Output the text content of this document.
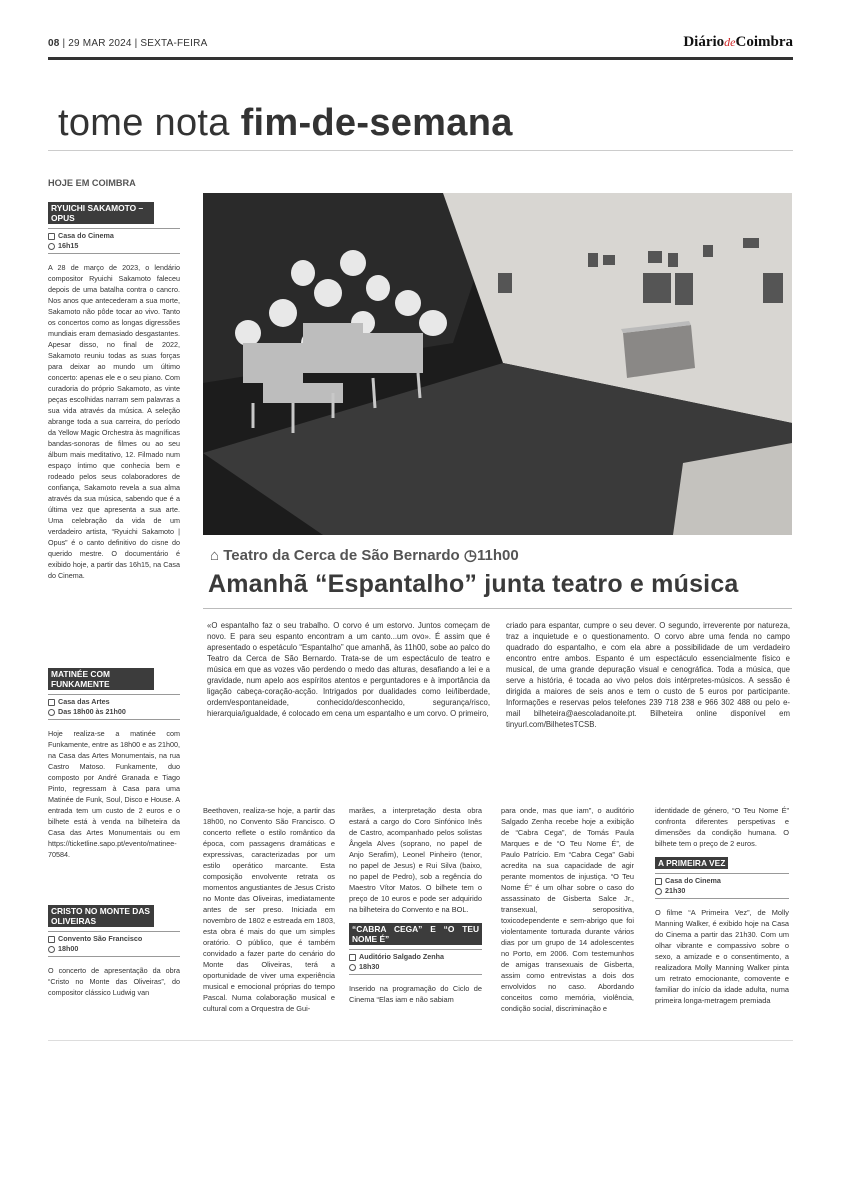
08 | 29 MAR 2024 | SEXTA-FEIRA	DiáriodeCoimbra
tome nota fim-de-semana
HOJE EM COIMBRA
RYUICHI SAKAMOTO – OPUS
Casa do Cinema
16h15

A 28 de março de 2023, o lendário compositor Ryuichi Sakamoto faleceu depois de uma batalha contra o cancro. Nos anos que antecederam a sua morte, Sakamoto não pôde tocar ao vivo. Tanto os concertos como as longas digressões mundiais eram demasiado desgastantes. Apesar disso, no final de 2022, Sakamoto reuniu todas as suas forças para deixar ao mundo um último concerto: apenas ele e o seu piano. Com curadoria do próprio Sakamoto, as vinte peças escolhidas narram sem palavras a sua vida através da música. A seleção abrange toda a sua carreira, do período da Yellow Magic Orchestra às magníficas bandas-sonoras de filmes ou ao seu álbum mais meditativo, 12. Filmado num espaço íntimo que conhecia bem e rodeado pelos seus colaboradores de confiança, Sakamoto revela a sua alma através da sua música, sabendo que é a última vez que apresenta a sua arte. Uma celebração da vida de um verdadeiro artista, “Ryuichi Sakamoto | Opus” é o canto definitivo do cisne do querido mestre. O documentário é exibido hoje, a partir das 16h15, na Casa do Cinema.

MATINÉE COM FUNKAMENTE
Casa das Artes
Das 18h00 às 21h00

Hoje realiza-se a matinée com Funkamente, entre as 18h00 e as 21h00, na Casa das Artes Monumentais, na rua Castro Matoso. Funkamente, duo composto por André Granada e Tiago Pinto, regressam à Casa para uma Matinée de Funk, Soul, Disco e House. A entrada tem um custo de 2 euros e o bilhete está à venda na bilheteira da Casa das Artes Monumentais ou em https://ticketline.sapo.pt/evento/matinee-70584.

CRISTO NO MONTE DAS OLIVEIRAS
Convento São Francisco
18h00

O concerto de apresentação da obra “Cristo no Monte das Oliveiras”, do compositor clássico Ludwig van

⌂ Teatro da Cerca de São Bernardo ◷11h00
Amanhã “Espantalho” junta teatro e música
«O espantalho faz o seu trabalho. O corvo é um estorvo. Juntos começam de novo. E para seu espanto encontram a um canto...um ovo». É assim que é apresentado o espetáculo “Espantalho” que amanhã, às 11h00, sobe ao palco do Teatro da Cerca de São Bernardo. Trata-se de um espectáculo de teatro e música em que as vozes vão perdendo o medo das alturas, desafiando a lei e a gravidade, num apelo aos espíritos atentos e perguntadores e à importância da ligação cabeça-coração-acção. Intrigados por dualidades como lei/liberdade, ordem/espontaneidade, conhecido/desconhecido, segurança/risco, hierarquia/igualdade, é colocado em cena um espantalho e um corvo. O primeiro,
criado para espantar, cumpre o seu dever. O segundo, irreverente por natureza, traz a inquietude e o questionamento. O corvo abre uma fenda no campo quadrado do espantalho, e com ela abre a possibilidade de um verdadeiro encontro entre ambos. Espanto é um espectáculo essencialmente físico e musical, de uma grande depuração visual e cenográfica. Toda a música, que serve a história, é tocada ao vivo pelos dois intérpretes-músicos. A sessão é dirigida a maiores de seis anos e tem o custo de 5 euros por participante. Informações e reservas pelos telefones 239 718 238 e 966 302 488 ou pelo e-mail bilheteira@aescoladanoite.pt. Bilheteira online disponível em tinyurl.com/BilhetesTCSB.

Beethoven, realiza-se hoje, a partir das 18h00, no Convento São Francisco. O concerto reflete o estilo romântico da época, com passagens dramáticas e expressivas, caracterizadas por um estilo operático marcante. Esta composição envolvente retrata os momentos angustiantes de Jesus Cristo no Monte das Oliveiras, imediatamente antes de ser preso. Iniciada em novembro de 1802 e estreada em 1803, esta obra é mais do que um simples oratório. O público, que é também convidado a fazer parte do cenário do Monte das Oliveiras, terá a oportunidade de viver uma experiência musical e emocional próprias do tempo Pascal. Numa colaboração musical e cultural com a Orquestra de Gui-

marães, a interpretação desta obra estará a cargo do Coro Sinfónico Inês de Castro, acompanhado pelos solistas Ângela Alves (soprano, no papel de Anjo Serafim), Leonel Pinheiro (tenor, no papel de Jesus) e Rui Silva (baixo, no papel de Pedro), sob a regência do Maestro Vítor Matos. O bilhete tem o preço de 10 euros e pode ser adquirido na bilheteira do Convento e na BOL.

“CABRA CEGA” E “O TEU NOME É”
Auditório Salgado Zenha
18h30

Inserido na programação do Ciclo de Cinema “Elas iam e não sabiam

para onde, mas que iam”, o auditório Salgado Zenha recebe hoje a exibição de “Cabra Cega”, de Tomás Paula Marques e de “O Teu Nome É”, de Paulo Patrício. Em “Cabra Cega” Gabi acredita na sua capacidade de agir perante momentos de injustiça. “O Teu Nome É” é um olhar sobre o caso do assassinato de Gisberta Salce Jr., transexual, seropositiva, toxicodependente e sem-abrigo que foi violentamente torturada durante vários dias por um grupo de 14 adolescentes no Porto, em 2006. Com testemunhos de amigas transexuais de Gisberta, assim como entrevistas a dois dos envolvidos no caso. Abordando conceitos como memória, violência, condição social, discriminação e

identidade de género, “O Teu Nome É” confronta diferentes perspetivas e dimensões da condição humana. O bilhete tem o preço de 2 euros.

A PRIMEIRA VEZ
Casa do Cinema
21h30

O filme “A Primeira Vez”, de Molly Manning Walker, é exibido hoje na Casa do Cinema a partir das 21h30. Com um olhar vibrante e compassivo sobre o sexo, a amizade e o consentimento, a realizadora Molly Manning Walker pinta um retrato emocionante, comovente e familiar do início da idade adulta, numa primeira longa-metragem premiada
